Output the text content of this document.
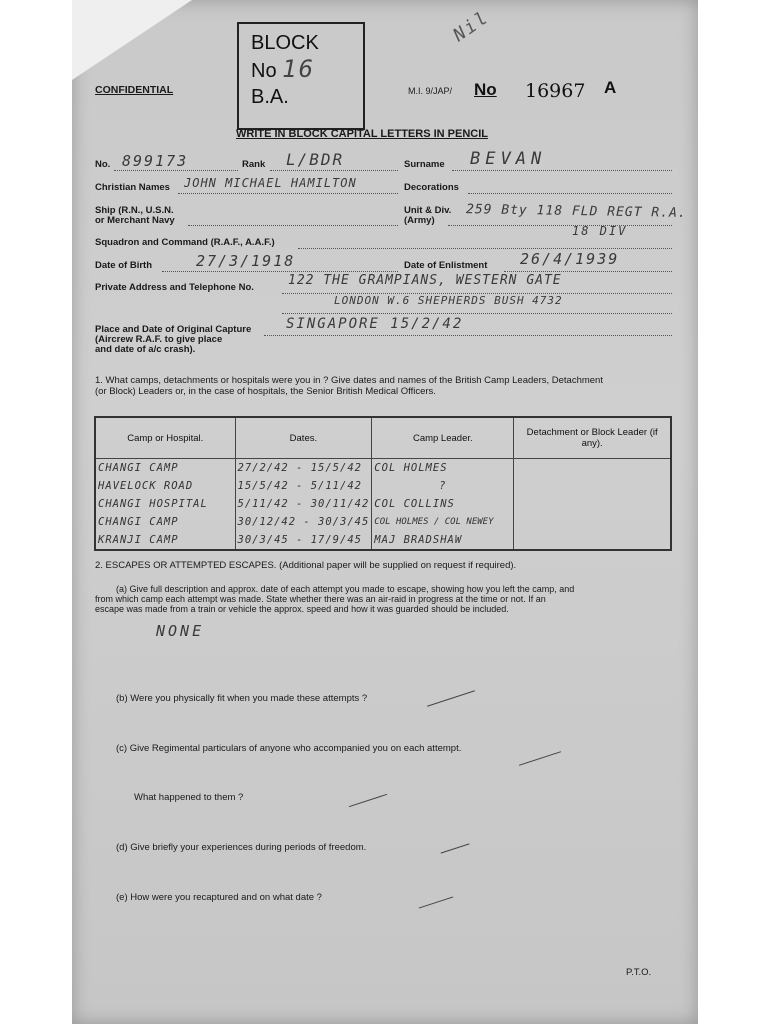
CONFIDENTIAL
BLOCK
No 16
B.A.
Nil
M.I. 9/JAP/ No 16967 A
WRITE IN BLOCK CAPITAL LETTERS IN PENCIL
No. 899173	Rank L/BDR	Surname BEVAN
Christian Names JOHN MICHAEL HAMILTON	Decorations
Ship (R.N., U.S.N.
or Merchant Navy
Unit & Div.
(Army) 259 Bty 118 FLD REGT R.A.
18 DIV
Squadron and Command (R.A.F., A.A.F.)
Date of Birth	27/3/1918	Date of Enlistment 26/4/1939
Private Address and Telephone No.	122 THE GRAMPIANS, WESTERN GATE
LONDON W.6 SHEPHERDS BUSH 4732
Place and Date of Original Capture
(Aircrew R.A.F. to give place
and date of a/c crash).
SINGAPORE 15/2/42
1. What camps, detachments or hospitals were you in ? Give dates and names of the British Camp Leaders, Detachment
(or Block) Leaders or, in the case of hospitals, the Senior British Medical Officers.
Camp or Hospital.	Dates.	Camp Leader.	Detachment or Block Leader (if any).
CHANGI CAMP	27/2/42 - 15/5/42	COL HOLMES	
HAVELOCK ROAD	15/5/42 - 5/11/42	?	
CHANGI HOSPITAL	5/11/42 - 30/11/42	COL COLLINS	
CHANGI CAMP	30/12/42 - 30/3/45	COL HOLMES / COL NEWEY	
KRANJI CAMP	30/3/45 - 17/9/45	MAJ BRADSHAW	
2. ESCAPES OR ATTEMPTED ESCAPES. (Additional paper will be supplied on request if required).
(a) Give full description and approx. date of each attempt you made to escape, showing how you left the camp, and
from which camp each attempt was made. State whether there was an air-raid in progress at the time or not. If an
escape was made from a train or vehicle the approx. speed and how it was guarded should be included.
NONE
(b) Were you physically fit when you made these attempts ?
(c) Give Regimental particulars of anyone who accompanied you on each attempt.
What happened to them ?
(d) Give briefly your experiences during periods of freedom.
(e) How were you recaptured and on what date ?
P.T.O.
